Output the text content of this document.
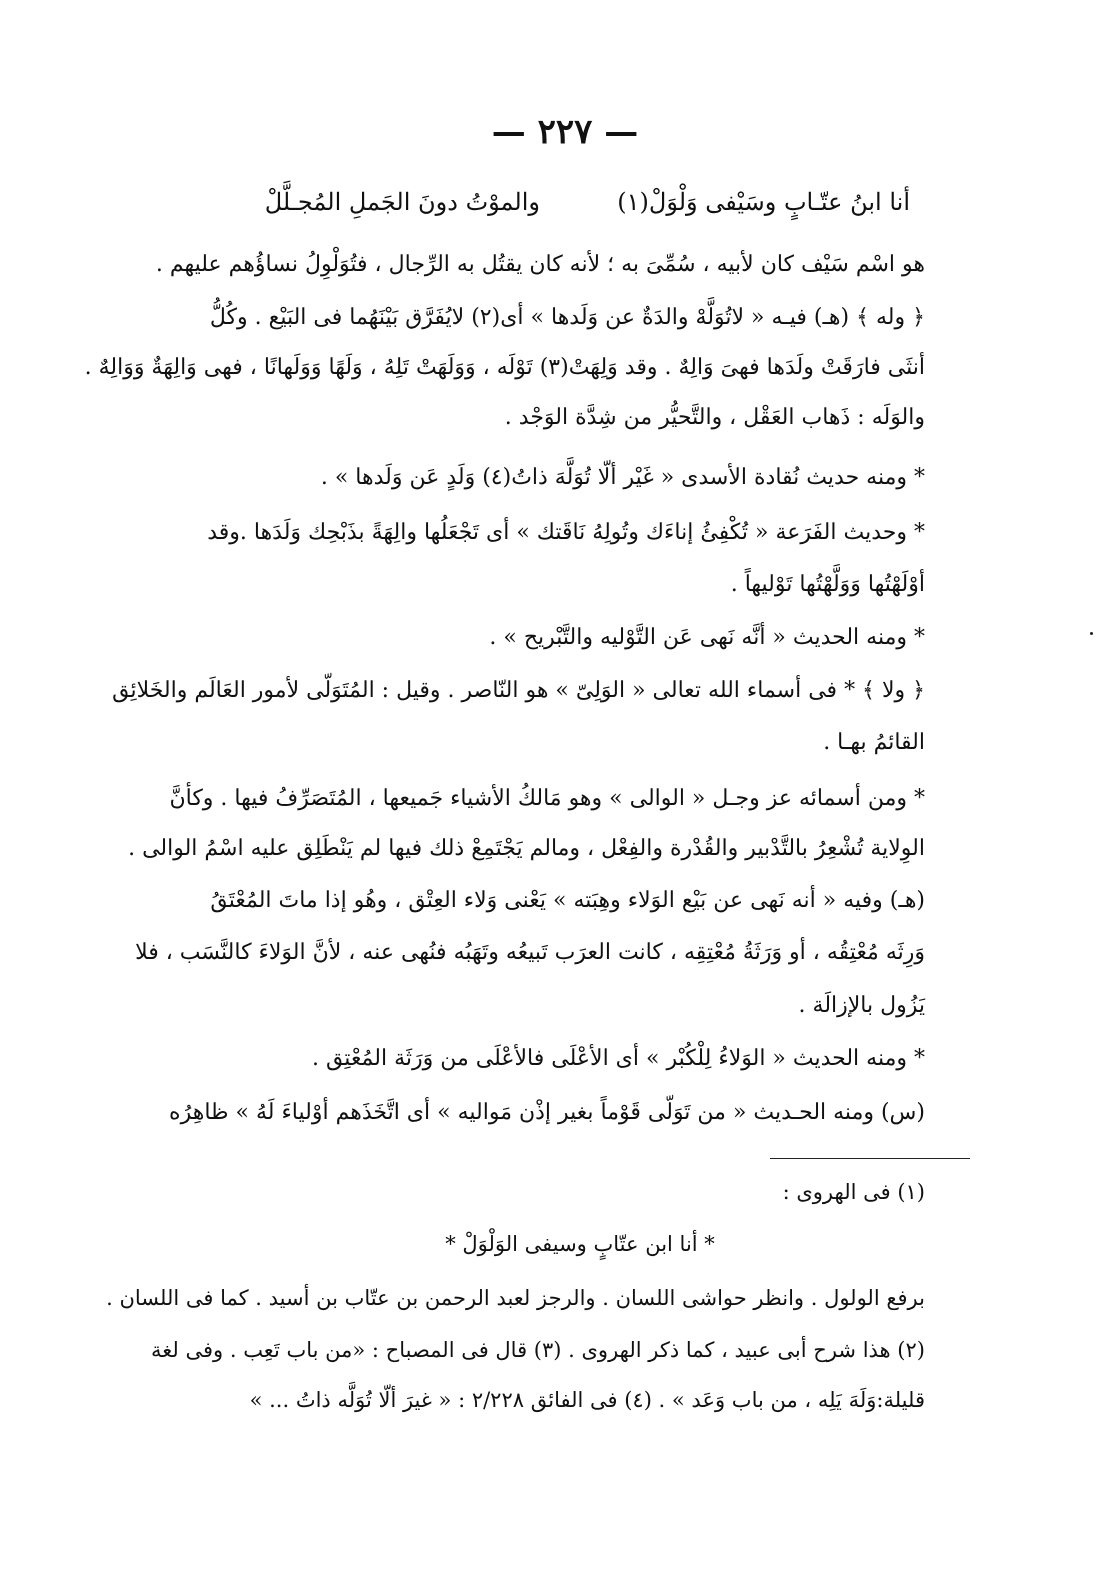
— ٢٢٧ —
أنا ابنُ عتّـابٍ وسَيْفى وَلْوَلْ(١)
والموْتُ دونَ الجَملِ المُجـلَّلْ
هو اسْم سَيْف كان لأبيه ، سُمِّىَ به ؛ لأنه كان يقتُل به الرِّجال ، فتُوَلْوِلُ نساؤُهم عليهم .
﴿ وله ﴾ (هـ) فيـه « لاتُوَلَّهْ والدَةٌ عن وَلَدها » أى(٢) لايُفَرَّق بَيْنَهُما فى البَيْع . وكُلُّ
أنثَى فارَقَتْ ولَدَها فهىَ وَالِهٌ . وقد وَلِهَتْ(٣) تَوْلَه ، وَوَلَهَتْ تَلِهُ ، وَلَهًا وَوَلَهانًا ، فهى وَالِهَةٌ وَوَالِهٌ .
والوَلَه : ذَهاب العَقْل ، والتَّحيُّر من شِدَّة الوَجْد .
* ومنه حديث نُقادة الأسدى « غَيْر ألّا تُوَلَّهَ ذاتُ(٤) وَلَدٍ عَن وَلَدها » .
* وحديث الفَرَعة « تُكْفِئُ إناءَك وتُولِهُ نَاقَتك » أى تَجْعَلُها والِهَةً بذَبْحِك وَلَدَها .وقد
أوْلَهْتُها وَوَلَّهْتُها تَوْليهاً .
* ومنه الحديث « أنَّه نَهى عَن التَّوْليه والتَّبْريح » .
﴿ ولا ﴾ * فى أسماء الله تعالى « الوَلِىّ » هو النّاصر . وقيل : المُتَوَلّى لأمور العَالَم والخَلائِق
القائمُ بهـا .
* ومن أسمائه عز وجـل « الوالى » وهو مَالكُ الأشياء جَميعها ، المُتَصَرِّفُ فيها . وكأنَّ
الوِلاية تُشْعِرُ بالتَّدْبير والقُدْرة والفِعْل ، ومالم يَجْتَمِعْ ذلك فيها لم يَنْطَلِق عليه اسْمُ الوالى .
(هـ) وفيه « أنه نَهى عن بَيْع الوَلاء وهِبَته » يَعْنى وَلاء العِتْق ، وهُو إذا ماتَ المُعْتَقُ
وَرِثَه مُعْتِقُه ، أو وَرَثَةُ مُعْتِقِه ، كانت العرَب تَبيعُه وتَهَبُه فنُهى عنه ، لأنَّ الوَلاءَ كالنَّسَب ، فلا
يَزُول بالإزالَة .
* ومنه الحديث « الوَلاءُ لِلْكُبْر » أى الأعْلَى فالأعْلَى من وَرَثَة المُعْتِق .
(س) ومنه الحـديث « من تَوَلّى قَوْماً بغير إذْن مَواليه » أى اتَّخَذَهم أوْلياءَ لَهُ » ظاهِرُه
(١) فى الهروى :
* أنا ابن عتّابٍ وسيفى الوَلْوَلْ *
برفع الولول . وانظر حواشى اللسان . والرجز لعبد الرحمن بن عتّاب بن أسيد . كما فى اللسان .
(٢) هذا شرح أبى عبيد ، كما ذكر الهروى . (٣) قال فى المصباح : «من باب تَعِب . وفى لغة
قليلة:وَلَهَ يَلِه ، من باب وَعَد » . (٤) فى الفائق ٢/٢٢٨ : « غيرَ ألّا تُوَلَّه ذاتُ ... »
